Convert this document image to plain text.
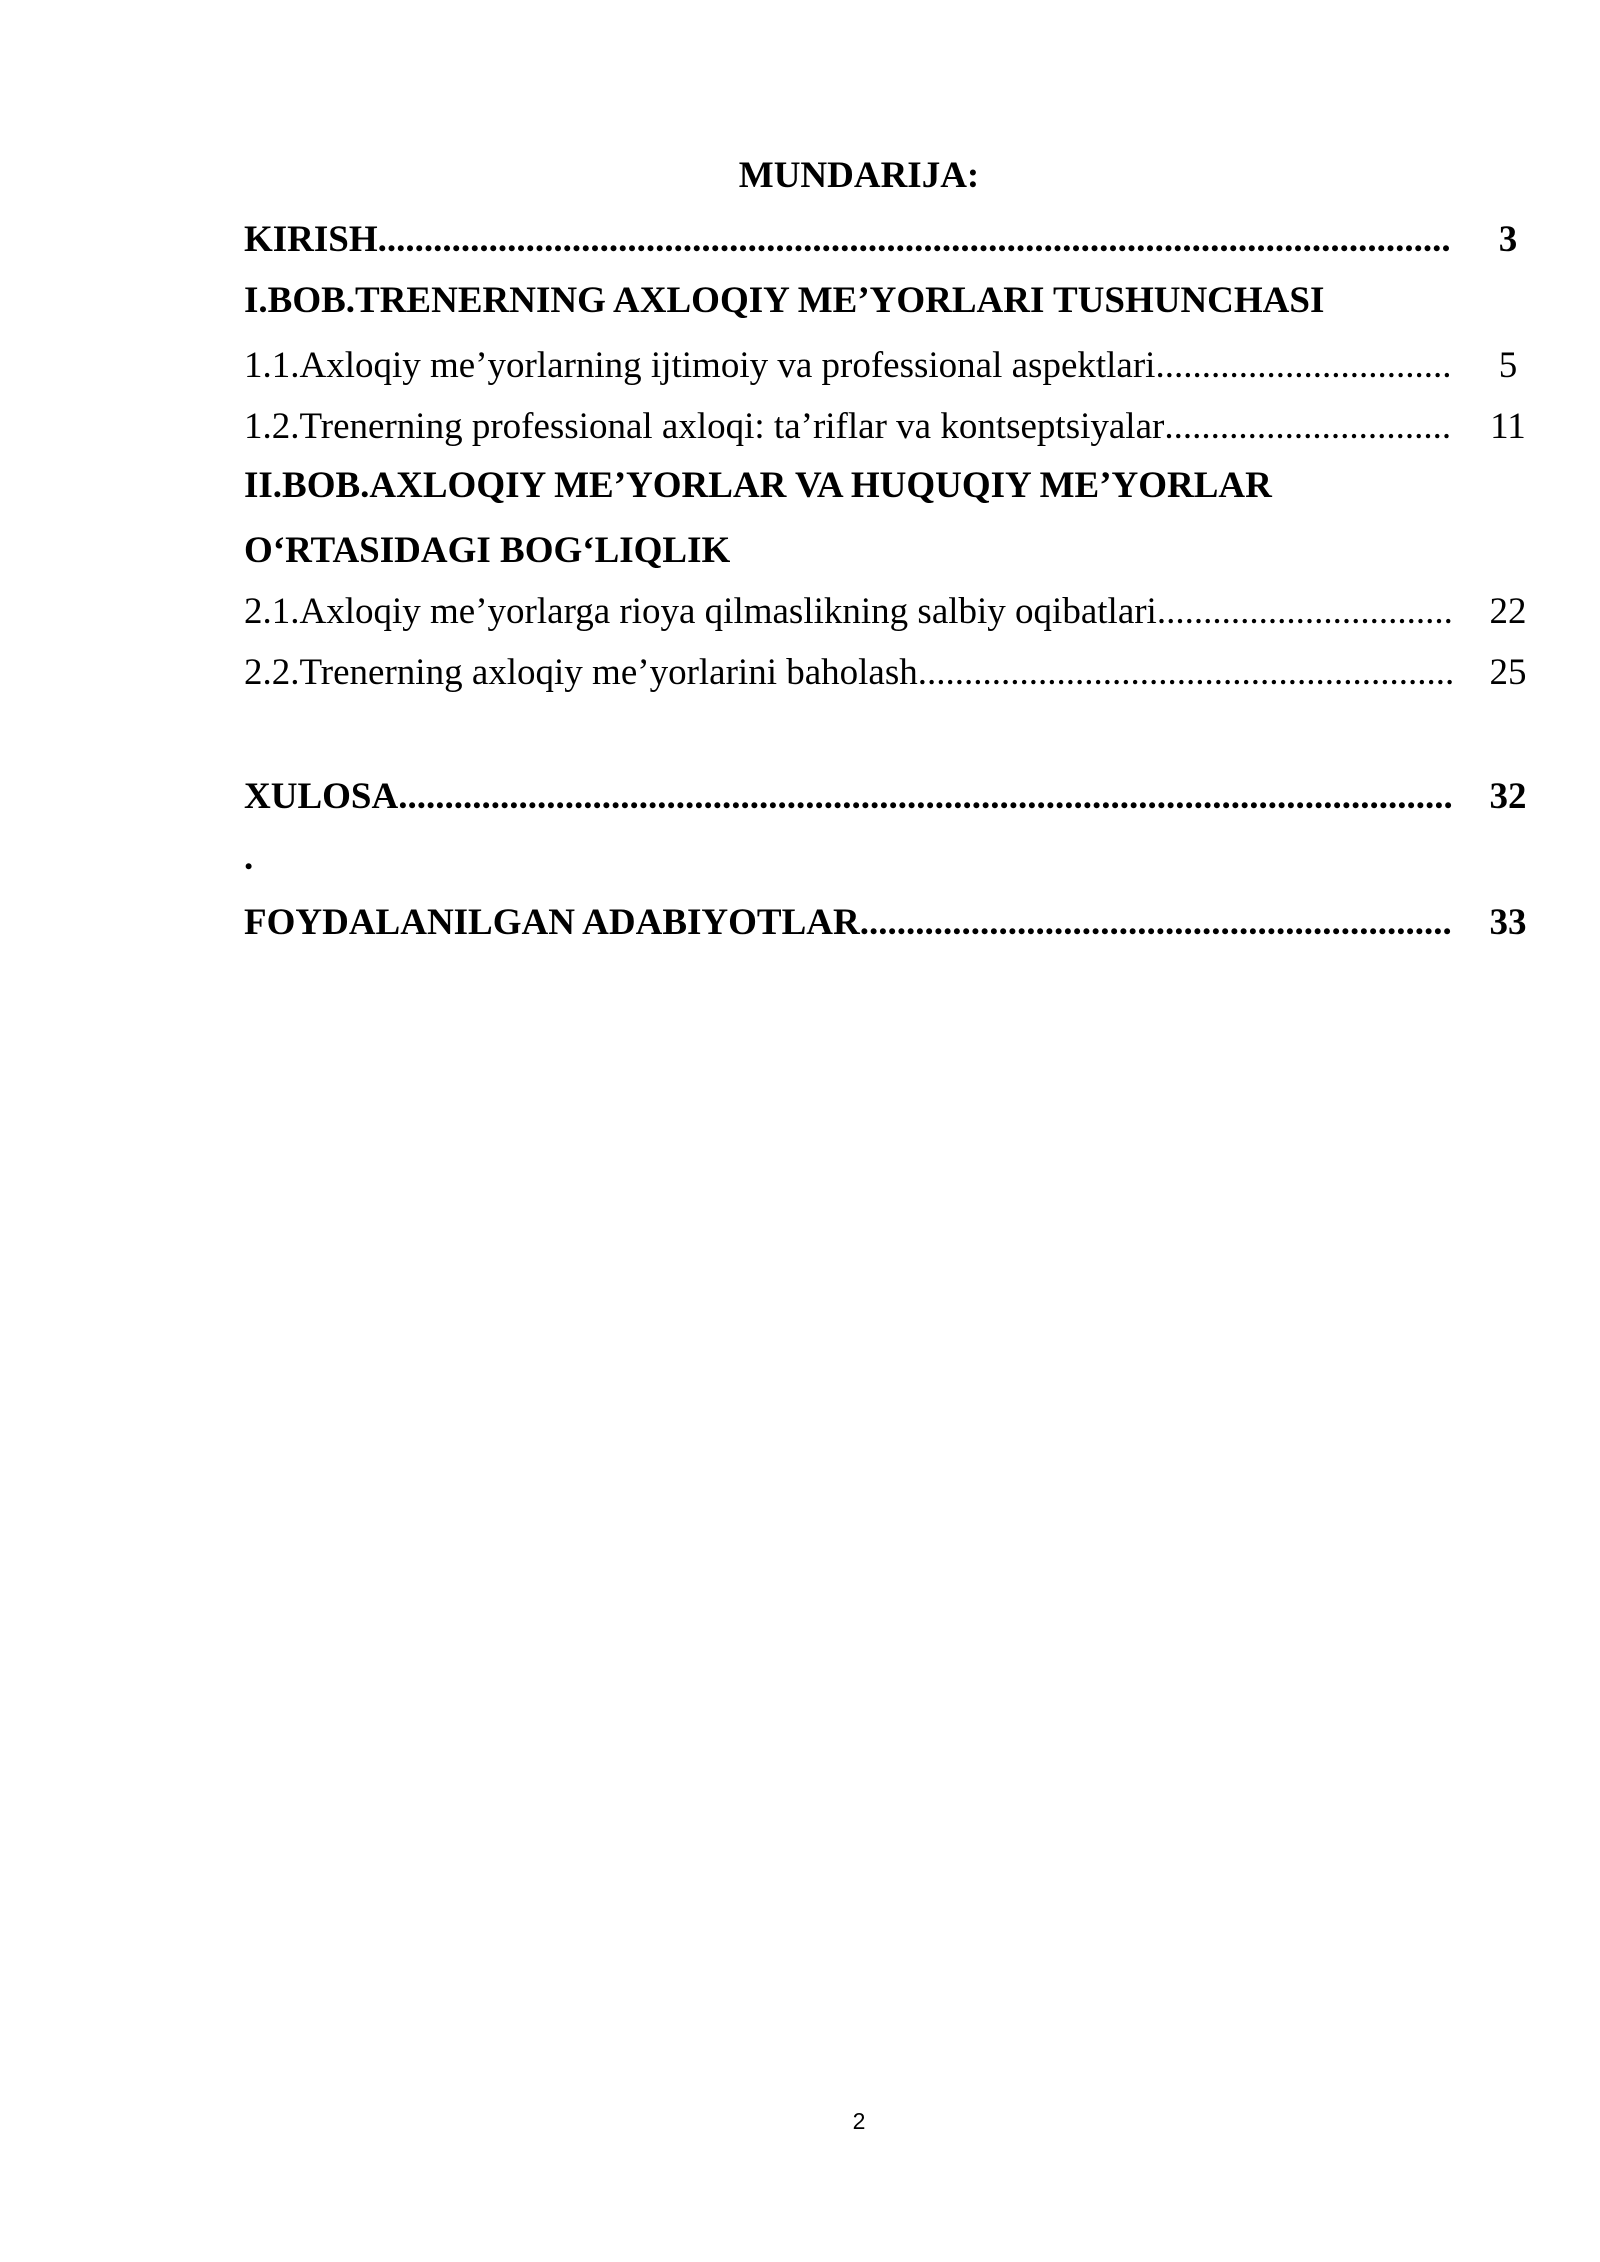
MUNDARIJA:
KIRISH .....	3
I.BOB.TRENERNING AXLOQIY ME’YORLARI TUSHUNCHASI
1.1.Axloqiy me’yorlarning ijtimoiy va professional aspektlari .....	5
1.2.Trenerning professional axloqi: ta’riflar va kontseptsiyalar .....	11
II.BOB.AXLOQIY ME’YORLAR VA HUQUQIY ME’YORLAR
O‘RTASIDAGI BOG‘LIQLIK
2.1.Axloqiy me’yorlarga rioya qilmaslikning salbiy oqibatlari .....	22
2.2.Trenerning axloqiy me’yorlarini baholash .....	25
XULOSA .....	32
.
FOYDALANILGAN ADABIYOTLAR .....	33
2
